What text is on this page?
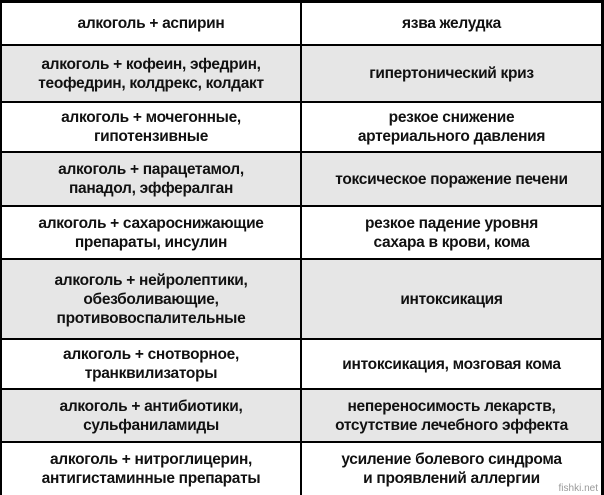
алкоголь + аспирин	язва желудка
алкоголь + кофеин, эфедрин,
теофедрин, колдрекс, колдакт
гипертонический криз
алкоголь + мочегонные,
гипотензивные
резкое снижение
артериального давления
алкоголь + парацетамол,
панадол, эффералган
токсическое поражение печени
алкоголь + сахароснижающие
препараты, инсулин
резкое падение уровня
сахара в крови, кома
алкоголь + нейролептики,
обезболивающие,
противовоспалительные
интоксикация
алкоголь + снотворное,
транквилизаторы
интоксикация, мозговая кома
алкоголь + антибиотики,
сульфаниламиды
непереносимость лекарств,
отсутствие лечебного эффекта
алкоголь + нитроглицерин,
антигистаминные препараты
усиление болевого синдрома
и проявлений аллергии
fishki.net
